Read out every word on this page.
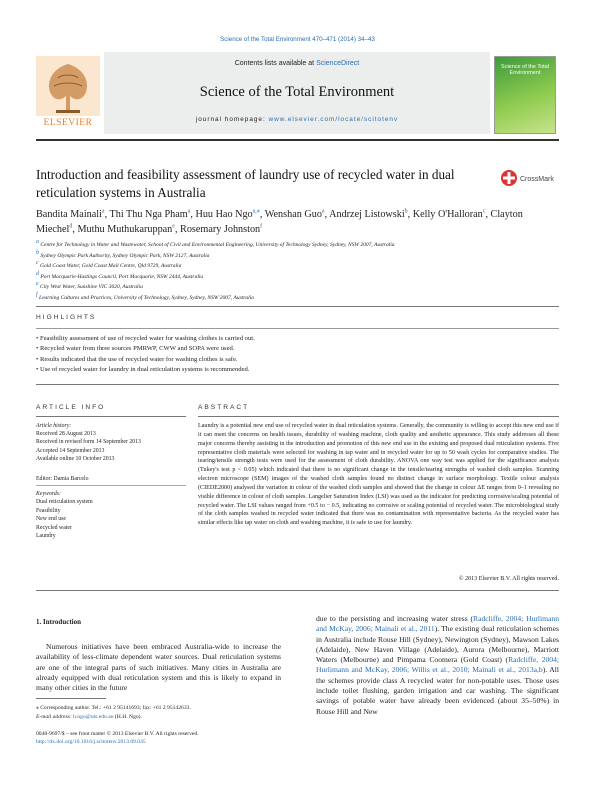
Science of the Total Environment 470–471 (2014) 34–43
Contents lists available at ScienceDirect
Science of the Total Environment
journal homepage: www.elsevier.com/locate/scitotenv
ELSEVIER
Science of the Total Environment
Introduction and feasibility assessment of laundry use of recycled water in dual reticulation systems in Australia
CrossMark
Bandita Mainali$^a$, Thi Thu Nga Pham$^a$, Huu Hao Ngo$^{a,⁎}$, Wenshan Guo$^a$, Andrzej Listowski$^b$, Kelly O'Halloran$^c$, Clayton Miechel$^d$, Muthu Muthukaruppan$^e$, Rosemary Johnston$^f$
$^a$ Centre for Technology in Water and Wastewater, School of Civil and Environmental Engineering, University of Technology Sydney, Sydney, NSW 2007, Australia
$^b$ Sydney Olympic Park Authority, Sydney Olympic Park, NSW 2127, Australia
$^c$ Gold Coast Water, Gold Coast Mail Centre, Qld 9729, Australia
$^d$ Port Macquarie-Hastings Council, Port Macquarie, NSW 2444, Australia
$^e$ City West Water, Sunshine VIC 3020, Australia
$^f$ Learning Cultures and Practices, University of Technology, Sydney, Sydney, NSW 2007, Australia
HIGHLIGHTS
• Feasibility assessment of use of recycled water for washing clothes is carried out.
• Recycled water from three sources PMRWP, CWW and SOPA were used.
• Results indicated that the use of recycled water for washing clothes is safe.
• Use of recycled water for laundry in dual reticulation systems is recommended.
ARTICLE INFO	ABSTRACT
Article history:
Received 28 August 2013
Received in revised form 14 September 2013
Accepted 14 September 2013
Available online 10 October 2013
Editor: Damia Barcelo
Keywords:
Dual reticulation system
Feasibility
New end use
Recycled water
Laundry
Laundry is a potential new end use of recycled water in dual reticulation systems. Generally, the community is willing to accept this new end use if it can meet the concerns on health issues, durability of washing machine, cloth quality and aesthetic appearance. This study addresses all these major concerns thereby assisting in the introduction and promotion of this new end use in the existing and proposed dual reticulation systems. Five representative cloth materials were selected for washing in tap water and in recycled water for up to 50 wash cycles for comparative studies. The tearing/tensile strength tests were used for the assessment of cloth durability. ANOVA one way test was applied for the significance analysis (Tukey's test p < 0.05) which indicated that there is no significant change in the tensile/tearing strengths of washed cloth samples. Scanning electron microscope (SEM) images of the washed cloth samples found no distinct change in surface morphology. Textile colour analysis (CIEDE2000) analysed the variation in colour of the washed cloth samples and showed that the change in colour ΔE ranges from 0–1 revealing no visible difference in colour of cloth samples. Langelier Saturation Index (LSI) was used as the indicator for predicting corrosive/scaling potential of recycled water. The LSI values ranged from +0.5 to − 0.5, indicating no corrosive or scaling potential of recycled water. The microbiological study of the cloth samples washed in recycled water indicated that there was no contamination with representative bacteria. As the recycled water has similar effects like tap water on cloth and washing machine, it is safe to use for laundry.
© 2013 Elsevier B.V. All rights reserved.
1. Introduction
Numerous initiatives have been embraced Australia-wide to increase the availability of less-climate dependent water sources. Dual reticulation systems are one of the integral parts of such initiatives. Many cities in Australia are already equipped with dual reticulation system and this is likely to expand in many other cities in the future
due to the persisting and increasing water stress (Radcliffe, 2004; Hurlimann and McKay, 2006; Mainali et al., 2011). The existing dual reticulation schemes in Australia include Rouse Hill (Sydney), Newington (Sydney), Mawson Lakes (Adelaide), New Haven Village (Adelaide), Aurora (Melbourne), Marriott Waters (Melbourne) and Pimpama Coomera (Gold Coast) (Radcliffe, 2004; Hurlimann and McKay, 2006; Willis et al., 2010; Mainali et al., 2013a,b). All the schemes provide class A recycled water for non-potable uses. Those uses include toilet flushing, garden irrigation and car washing. The significant savings of potable water have already been evidenced (about 35–50%) in Rouse Hill and New
⁎ Corresponding author. Tel.: +61 2 95141693; fax: +61 2 95142633.
E-mail address: h.ngo@uts.edu.au (H.H. Ngo).
0048-9697/$ – see front matter © 2013 Elsevier B.V. All rights reserved.
http://dx.doi.org/10.1016/j.scitotenv.2013.09.045
